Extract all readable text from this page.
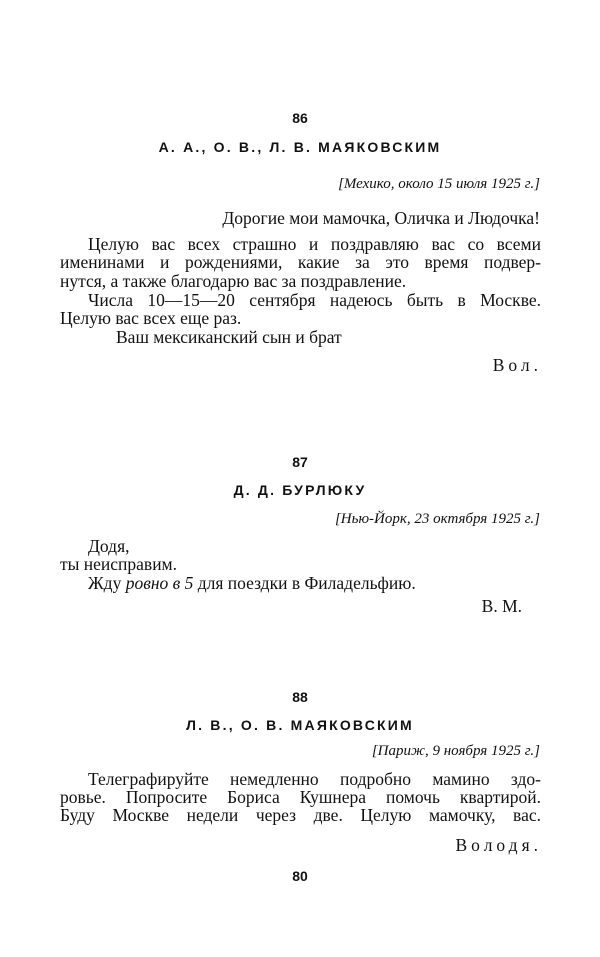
86
А. А., О. В., Л. В. МАЯКОВСКИМ
[Мехико, около 15 июля 1925 г.]
Дорогие мои мамочка, Оличка и Людочка!
Целую вас всех страшно и поздравляю вас со всеми
именинами и рождениями, какие за это время подвер-
нутся, а также благодарю вас за поздравление.
Числа 10—15—20 сентября надеюсь быть в Москве.
Целую вас всех еще раз.
Ваш мексиканский сын и брат
Вол.
87
Д. Д. БУРЛЮКУ
[Нью-Йорк, 23 октября 1925 г.]
Додя,
ты неисправим.
Жду ровно в 5 для поездки в Филадельфию.
В. М.
88
Л. В., О. В. МАЯКОВСКИМ
[Париж, 9 ноября 1925 г.]
Телеграфируйте немедленно подробно мамино здо-
ровье. Попросите Бориса Кушнера помочь квартирой.
Буду Москве недели через две. Целую мамочку, вас.
Володя.
80
